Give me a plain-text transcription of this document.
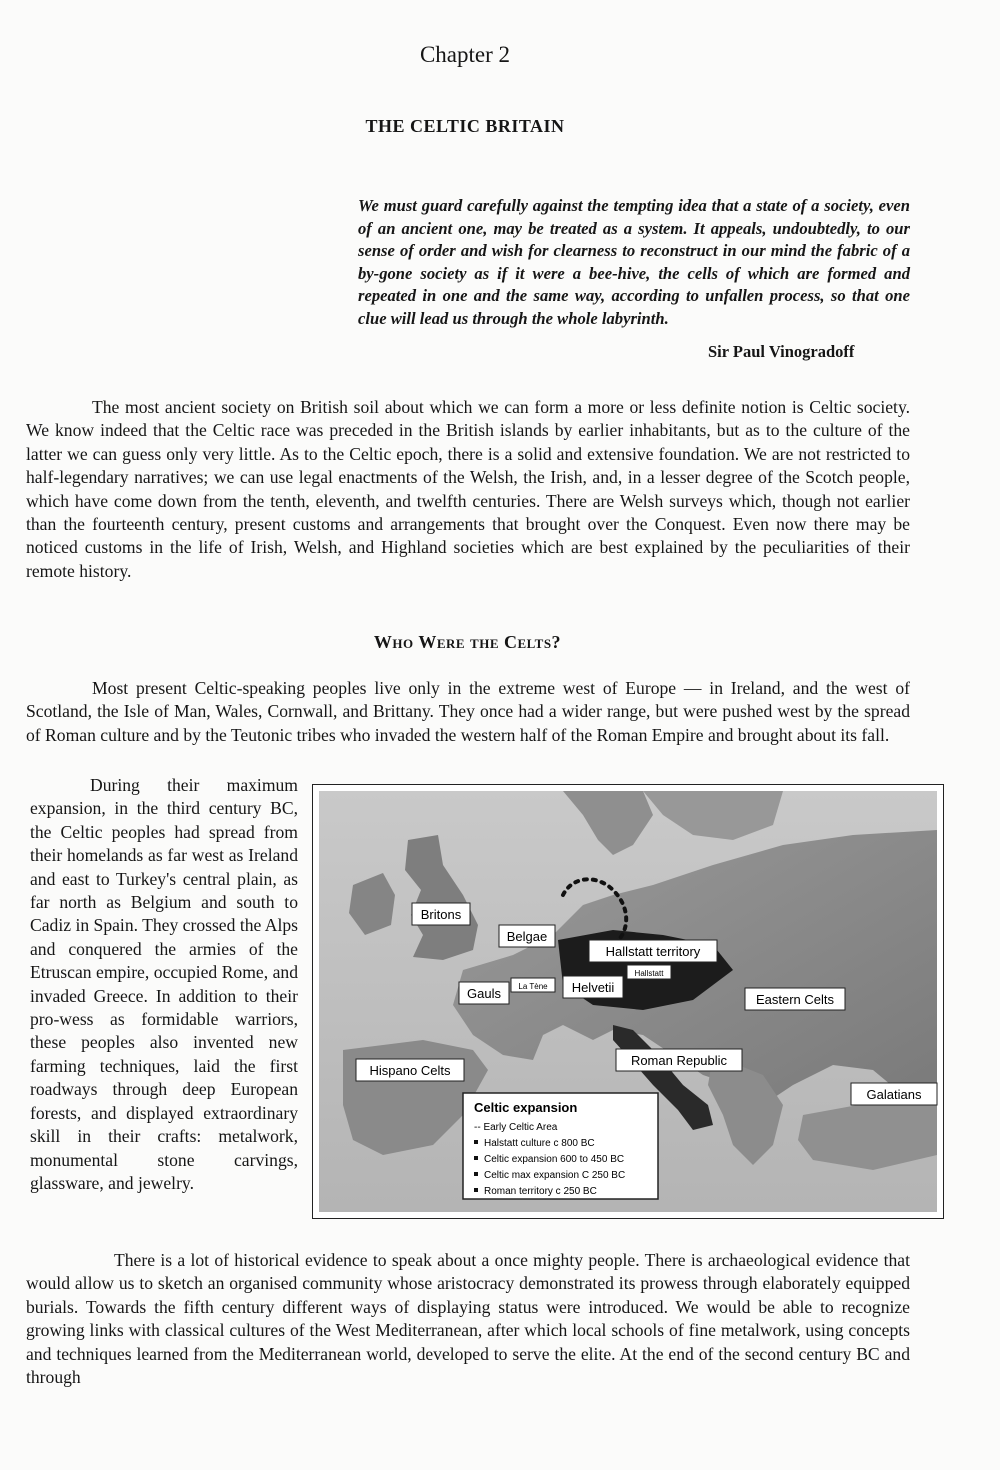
Chapter 2
THE CELTIC BRITAIN
We must guard carefully against the tempting idea that a state of a society, even of an ancient one, may be treated as a system. It appeals, undoubtedly, to our sense of order and wish for clearness to reconstruct in our mind the fabric of a by-gone society as if it were a bee-hive, the cells of which are formed and repeated in one and the same way, according to unfallen process, so that one clue will lead us through the whole labyrinth.
Sir Paul Vinogradoff
The most ancient society on British soil about which we can form a more or less definite notion is Celtic society. We know indeed that the Celtic race was preceded in the British islands by earlier inhabitants, but as to the culture of the latter we can guess only very little. As to the Celtic epoch, there is a solid and extensive foundation. We are not restricted to half-legendary narratives; we can use legal enactments of the Welsh, the Irish, and, in a lesser degree of the Scotch people, which have come down from the tenth, eleventh, and twelfth centuries. There are Welsh surveys which, though not earlier than the fourteenth century, present customs and arrangements that brought over the Conquest. Even now there may be noticed customs in the life of Irish, Welsh, and Highland societies which are best explained by the peculiarities of their remote history.
Who Were the Celts?
Most present Celtic-speaking peoples live only in the extreme west of Europe — in Ireland, and the west of Scotland, the Isle of Man, Wales, Cornwall, and Brittany. They once had a wider range, but were pushed west by the spread of Roman culture and by the Teutonic tribes who invaded the western half of the Roman Empire and brought about its fall.
During their maximum expansion, in the third century BC, the Celtic peoples had spread from their homelands as far west as Ireland and east to Turkey's central plain, as far north as Belgium and south to Cadiz in Spain. They crossed the Alps and conquered the armies of the Etruscan empire, occupied Rome, and invaded Greece. In addition to their pro-wess as formidable warriors, these peoples also invented new farming techniques, laid the first roadways through deep European forests, and displayed extraordinary skill in their crafts: metalwork, monumental stone carvings, glassware, and jewelry.
Britons
Belgae
Hallstatt territory
Hallstatt
La Tène
Gauls	Helvetii
Eastern Celts
Hispano Celts
Roman Republic
Galatians
Celtic expansion
-- Early Celtic Area
Halstatt culture c 800 BC
Celtic expansion 600 to 450 BC
Celtic max expansion C 250 BC
Roman territory c 250 BC
There is a lot of historical evidence to speak about a once mighty people. There is archaeological evidence that would allow us to sketch an organised community whose aristocracy demonstrated its prowess through elaborately equipped burials. Towards the fifth century different ways of displaying status were introduced. We would be able to recognize growing links with classical cultures of the West Mediterranean, after which local schools of fine metalwork, using concepts and techniques learned from the Mediterranean world, developed to serve the elite. At the end of the second century BC and through
